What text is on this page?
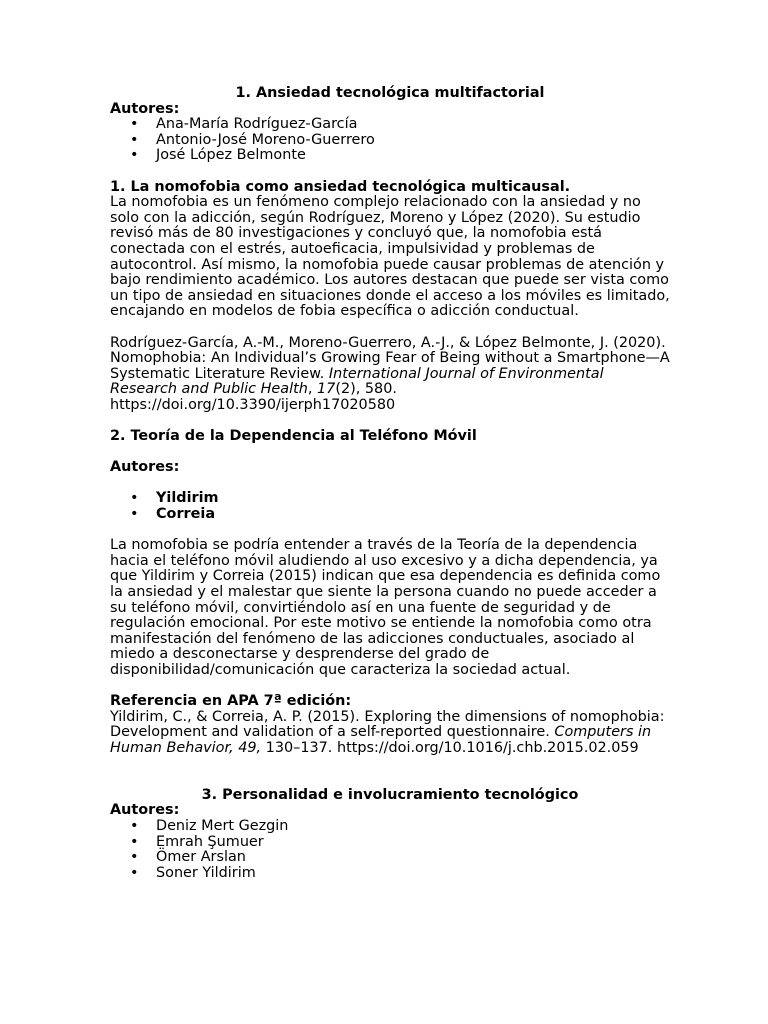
1. Ansiedad tecnológica multifactorial

Autores:

• Ana-María Rodríguez-García
• Antonio-José Moreno-Guerrero
• José López Belmonte
1. La nomofobia como ansiedad tecnológica multicausal.

La nomofobia es un fenómeno complejo relacionado con la ansiedad y no solo con la adicción, según Rodríguez, Moreno y López (2020). Su estudio revisó más de 80 investigaciones y concluyó que, la nomofobia está conectada con el estrés, autoeficacia, impulsividad y problemas de autocontrol. Así mismo, la nomofobia puede causar problemas de atención y bajo rendimiento académico. Los autores destacan que puede ser vista como un tipo de ansiedad en situaciones donde el acceso a los móviles es limitado, encajando en modelos de fobia específica o adicción conductual.

Rodríguez-García, A.-M., Moreno-Guerrero, A.-J., & López Belmonte, J. (2020). Nomophobia: An Individual’s Growing Fear of Being without a Smartphone—A Systematic Literature Review. International Journal of Environmental Research and Public Health, 17(2), 580. https://doi.org/10.3390/ijerph17020580

2. Teoría de la Dependencia al Teléfono Móvil

Autores:

• Yildirim
• Correia

La nomofobia se podría entender a través de la Teoría de la dependencia hacia el teléfono móvil aludiendo al uso excesivo y a dicha dependencia, ya que Yildirim y Correia (2015) indican que esa dependencia es definida como la ansiedad y el malestar que siente la persona cuando no puede acceder a su teléfono móvil, convirtiéndolo así en una fuente de seguridad y de regulación emocional. Por este motivo se entiende la nomofobia como otra manifestación del fenómeno de las adicciones conductuales, asociado al miedo a desconectarse y desprenderse del grado de disponibilidad/comunicación que caracteriza la sociedad actual.

Referencia en APA 7ª edición:

Yildirim, C., & Correia, A. P. (2015). Exploring the dimensions of nomophobia: Development and validation of a self-reported questionnaire. Computers in Human Behavior, 49, 130–137. https://doi.org/10.1016/j.chb.2015.02.059

3. Personalidad e involucramiento tecnológico

Autores:

• Deniz Mert Gezgin
• Emrah Şumuer
• Ömer Arslan
• Soner Yildirim
